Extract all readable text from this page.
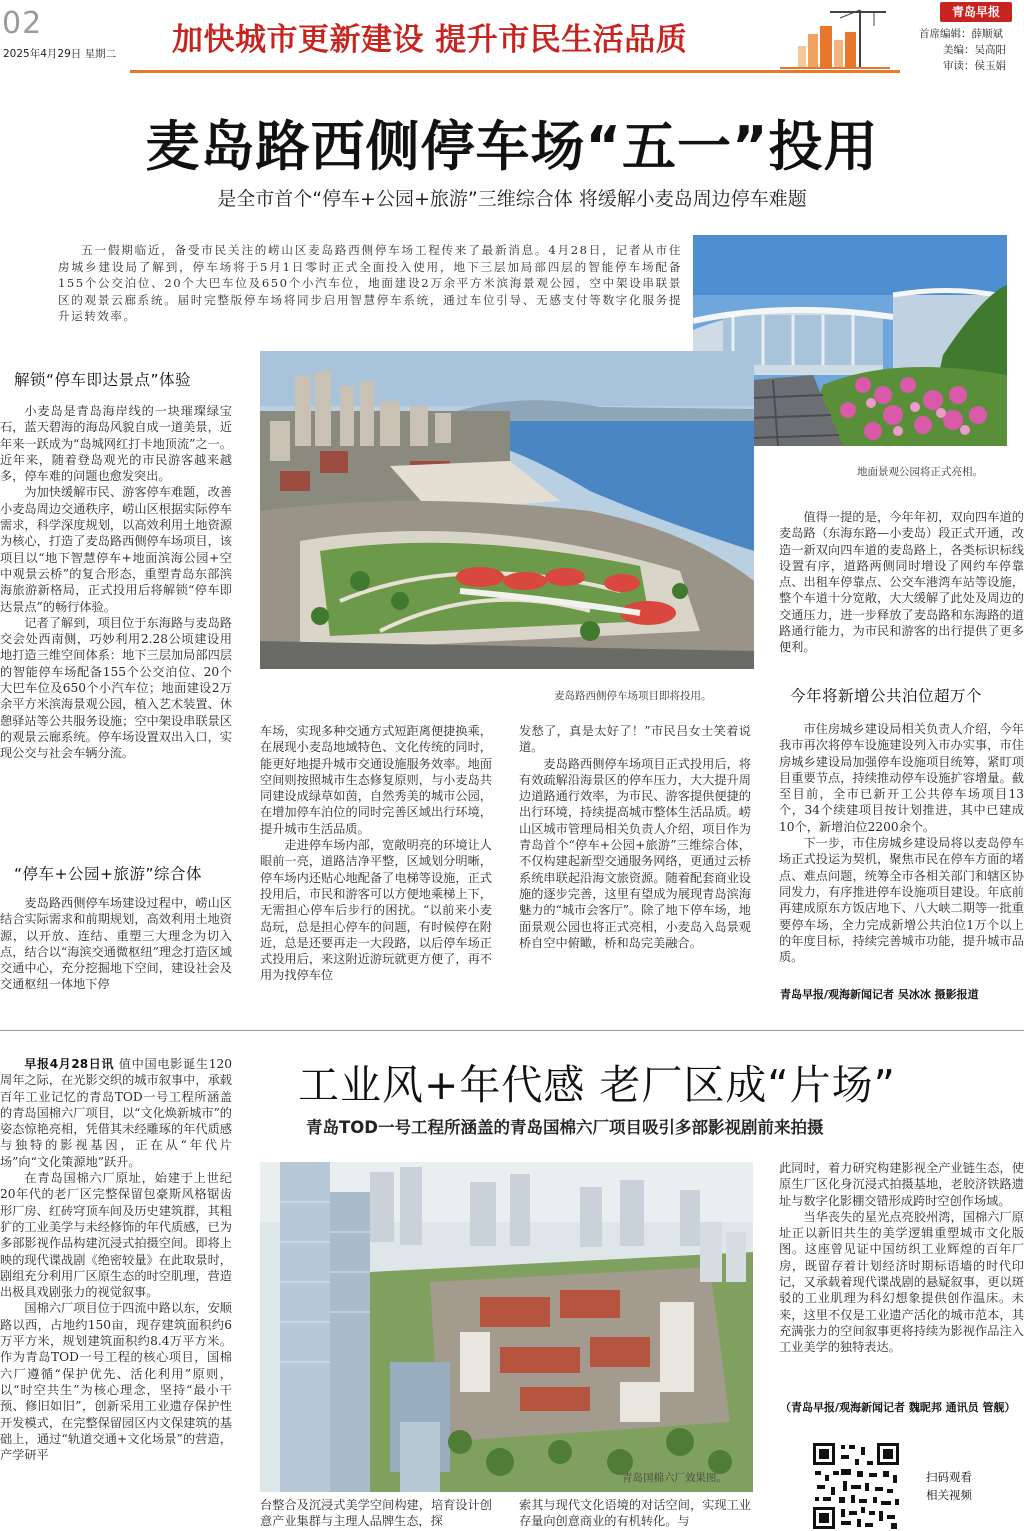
02
2025年4月29日 星期二 加快城市更新建设 提升市民生活品质
青岛早报
首席编辑：薛顺斌
美编：吴高阳
审读：侯玉娟
麦岛路西侧停车场“五一”投用
是全市首个“停车+公园+旅游”三维综合体 将缓解小麦岛周边停车难题
五一假期临近，备受市民关注的崂山区麦岛路西侧停车场工程传来了最新消息。4月28日，记者从市住房城乡建设局了解到，停车场将于5月1日零时正式全面投入使用，地下三层加局部四层的智能停车场配备155个公交泊位、20个大巴车位及650个小汽车位，地面建设2万余平方米滨海景观公园，空中架设串联景区的观景云廊系统。届时完整版停车场将同步启用智慧停车系统，通过车位引导、无感支付等数字化服务提升运转效率。
地面景观公园将正式亮相。
麦岛路西侧停车场项目即将投用。
解锁“停车即达景点”体验

小麦岛是青岛海岸线的一块璀璨绿宝石，蓝天碧海的海岛风貌自成一道美景，近年来一跃成为“岛城网红打卡地顶流”之一。近年来，随着登岛观光的市民游客越来越多，停车难的问题也愈发突出。

为加快缓解市民、游客停车难题，改善小麦岛周边交通秩序，崂山区根据实际停车需求，科学深度规划，以高效利用土地资源为核心，打造了麦岛路西侧停车场项目，该项目以“地下智慧停车+地面滨海公园+空中观景云桥”的复合形态，重塑青岛东部滨海旅游新格局，正式投用后将解锁“停车即达景点”的畅行体验。

记者了解到，项目位于东海路与麦岛路交会处西南侧，巧妙利用2.28公顷建设用地打造三维空间体系：地下三层加局部四层的智能停车场配备155个公交泊位、20个大巴车位及650个小汽车位；地面建设2万余平方米滨海景观公园，植入艺术装置、休憩驿站等公共服务设施；空中架设串联景区的观景云廊系统。停车场设置双出入口，实现公交与社会车辆分流。

“停车+公园+旅游”综合体

麦岛路西侧停车场建设过程中，崂山区结合实际需求和前期规划，高效利用土地资源，以开放、连结、重塑三大理念为切入点，结合以“海滨交通微枢纽”理念打造区域交通中心，充分挖掘地下空间，建设社会及交通枢纽一体地下停

车场，实现多种交通方式短距离便捷换乘，在展现小麦岛地域特色、文化传统的同时，能更好地提升城市交通设施服务效率。地面空间则按照城市生态修复原则，与小麦岛共同建设成绿草如茵，自然秀美的城市公园，在增加停车泊位的同时完善区域出行环境，提升城市生活品质。

走进停车场内部，宽敞明亮的环境让人眼前一亮，道路洁净平整，区域划分明晰，停车场内还贴心地配备了电梯等设施，正式投用后，市民和游客可以方便地乘梯上下，无需担心停车后步行的困扰。“以前来小麦岛玩，总是担心停车的问题，有时候停在附近，总是还要再走一大段路，以后停车场正式投用后，来这附近游玩就更方便了，再不用为找停车位

发愁了，真是太好了！”市民吕女士笑着说道。

麦岛路西侧停车场项目正式投用后，将有效疏解沿海景区的停车压力，大大提升周边道路通行效率，为市民、游客提供便捷的出行环境，持续提高城市整体生活品质。崂山区城市管理局相关负责人介绍，项目作为青岛首个“停车+公园+旅游”三维综合体，不仅构建起新型交通服务网络，更通过云桥系统串联起沿海文旅资源。随着配套商业设施的逐步完善，这里有望成为展现青岛滨海魅力的“城市会客厅”。除了地下停车场，地面景观公园也将正式亮相，小麦岛入岛景观桥自空中俯瞰，桥和岛完美融合。

值得一提的是，今年年初，双向四车道的麦岛路（东海东路—小麦岛）段正式开通，改造一新双向四车道的麦岛路上，各类标识标线设置有序，道路两侧同时增设了网约车停靠点、出租车停靠点、公交车港湾车站等设施，整个车道十分宽敞，大大缓解了此处及周边的交通压力，进一步释放了麦岛路和东海路的道路通行能力，为市民和游客的出行提供了更多便利。

今年将新增公共泊位超万个

市住房城乡建设局相关负责人介绍，今年我市再次将停车设施建设列入市办实事，市住房城乡建设局加强停车设施项目统筹，紧盯项目重要节点，持续推动停车设施扩容增量。截至目前，全市已新开工公共停车场项目13个，34个续建项目按计划推进，其中已建成10个，新增泊位2200余个。

下一步，市住房城乡建设局将以麦岛停车场正式投运为契机，聚焦市民在停车方面的堵点、难点问题，统筹全市各相关部门和辖区协同发力，有序推进停车设施项目建设。年底前再建成原东方饭店地下、八大峡二期等一批重要停车场，全力完成新增公共泊位1万个以上的年度目标，持续完善城市功能，提升城市品质。

青岛早报/观海新闻记者 吴冰冰 摄影报道
工业风+年代感 老厂区成“片场”
青岛TOD一号工程所涵盖的青岛国棉六厂项目吸引多部影视剧前来拍摄

早报4月28日讯 值中国电影诞生120周年之际，在光影交织的城市叙事中，承载百年工业记忆的青岛TOD一号工程所涵盖的青岛国棉六厂项目，以“文化焕新城市”的姿态惊艳亮相，凭借其未经雕琢的年代质感与独特的影视基因，正在从“年代片场”向“文化策源地”跃升。

在青岛国棉六厂原址，始建于上世纪20年代的老厂区完整保留包豪斯风格锯齿形厂房、红砖穹顶车间及历史建筑群，其粗犷的工业美学与未经修饰的年代质感，已为多部影视作品构建沉浸式拍摄空间。即将上映的现代谍战剧《绝密较量》在此取景时，剧组充分利用厂区原生态的时空肌理，营造出极具戏剧张力的视觉叙事。

国棉六厂项目位于四流中路以东，安顺路以西，占地约150亩，现存建筑面积约6万平方米，规划建筑面积约8.4万平方米。作为青岛TOD一号工程的核心项目，国棉六厂遵循“保护优先、活化利用”原则，以“时空共生”为核心理念，坚持“最小干预、修旧如旧”，创新采用工业遗存保护性开发模式，在完整保留园区内文保建筑的基础上，通过“轨道交通+文化场景”的营造，产学研平

青岛国棉六厂效果图。
台整合及沉浸式美学空间构建，培育设计创意产业集群与主理人品牌生态，探
索其与现代文化语境的对话空间，实现工业存量向创意商业的有机转化。与

此同时，着力研究构建影视全产业链生态，使原生厂区化身沉浸式拍摄基地，老胶济铁路遗址与数字化影棚交错形成跨时空创作场域。

当华丧失的星光点亮胶州湾，国棉六厂原址正以新旧共生的美学逻辑重塑城市文化版图。这座曾见证中国纺织工业辉煌的百年厂房，既留存着计划经济时期标语墙的时代印记，又承载着现代谍战剧的悬疑叙事，更以斑驳的工业肌理为科幻想象提供创作温床。未来，这里不仅是工业遗产活化的城市范本，其充满张力的空间叙事更将持续为影视作品注入工业美学的独特表达。

（青岛早报/观海新闻记者 魏昵邦 通讯员 管舰）
扫码观看
相关视频
